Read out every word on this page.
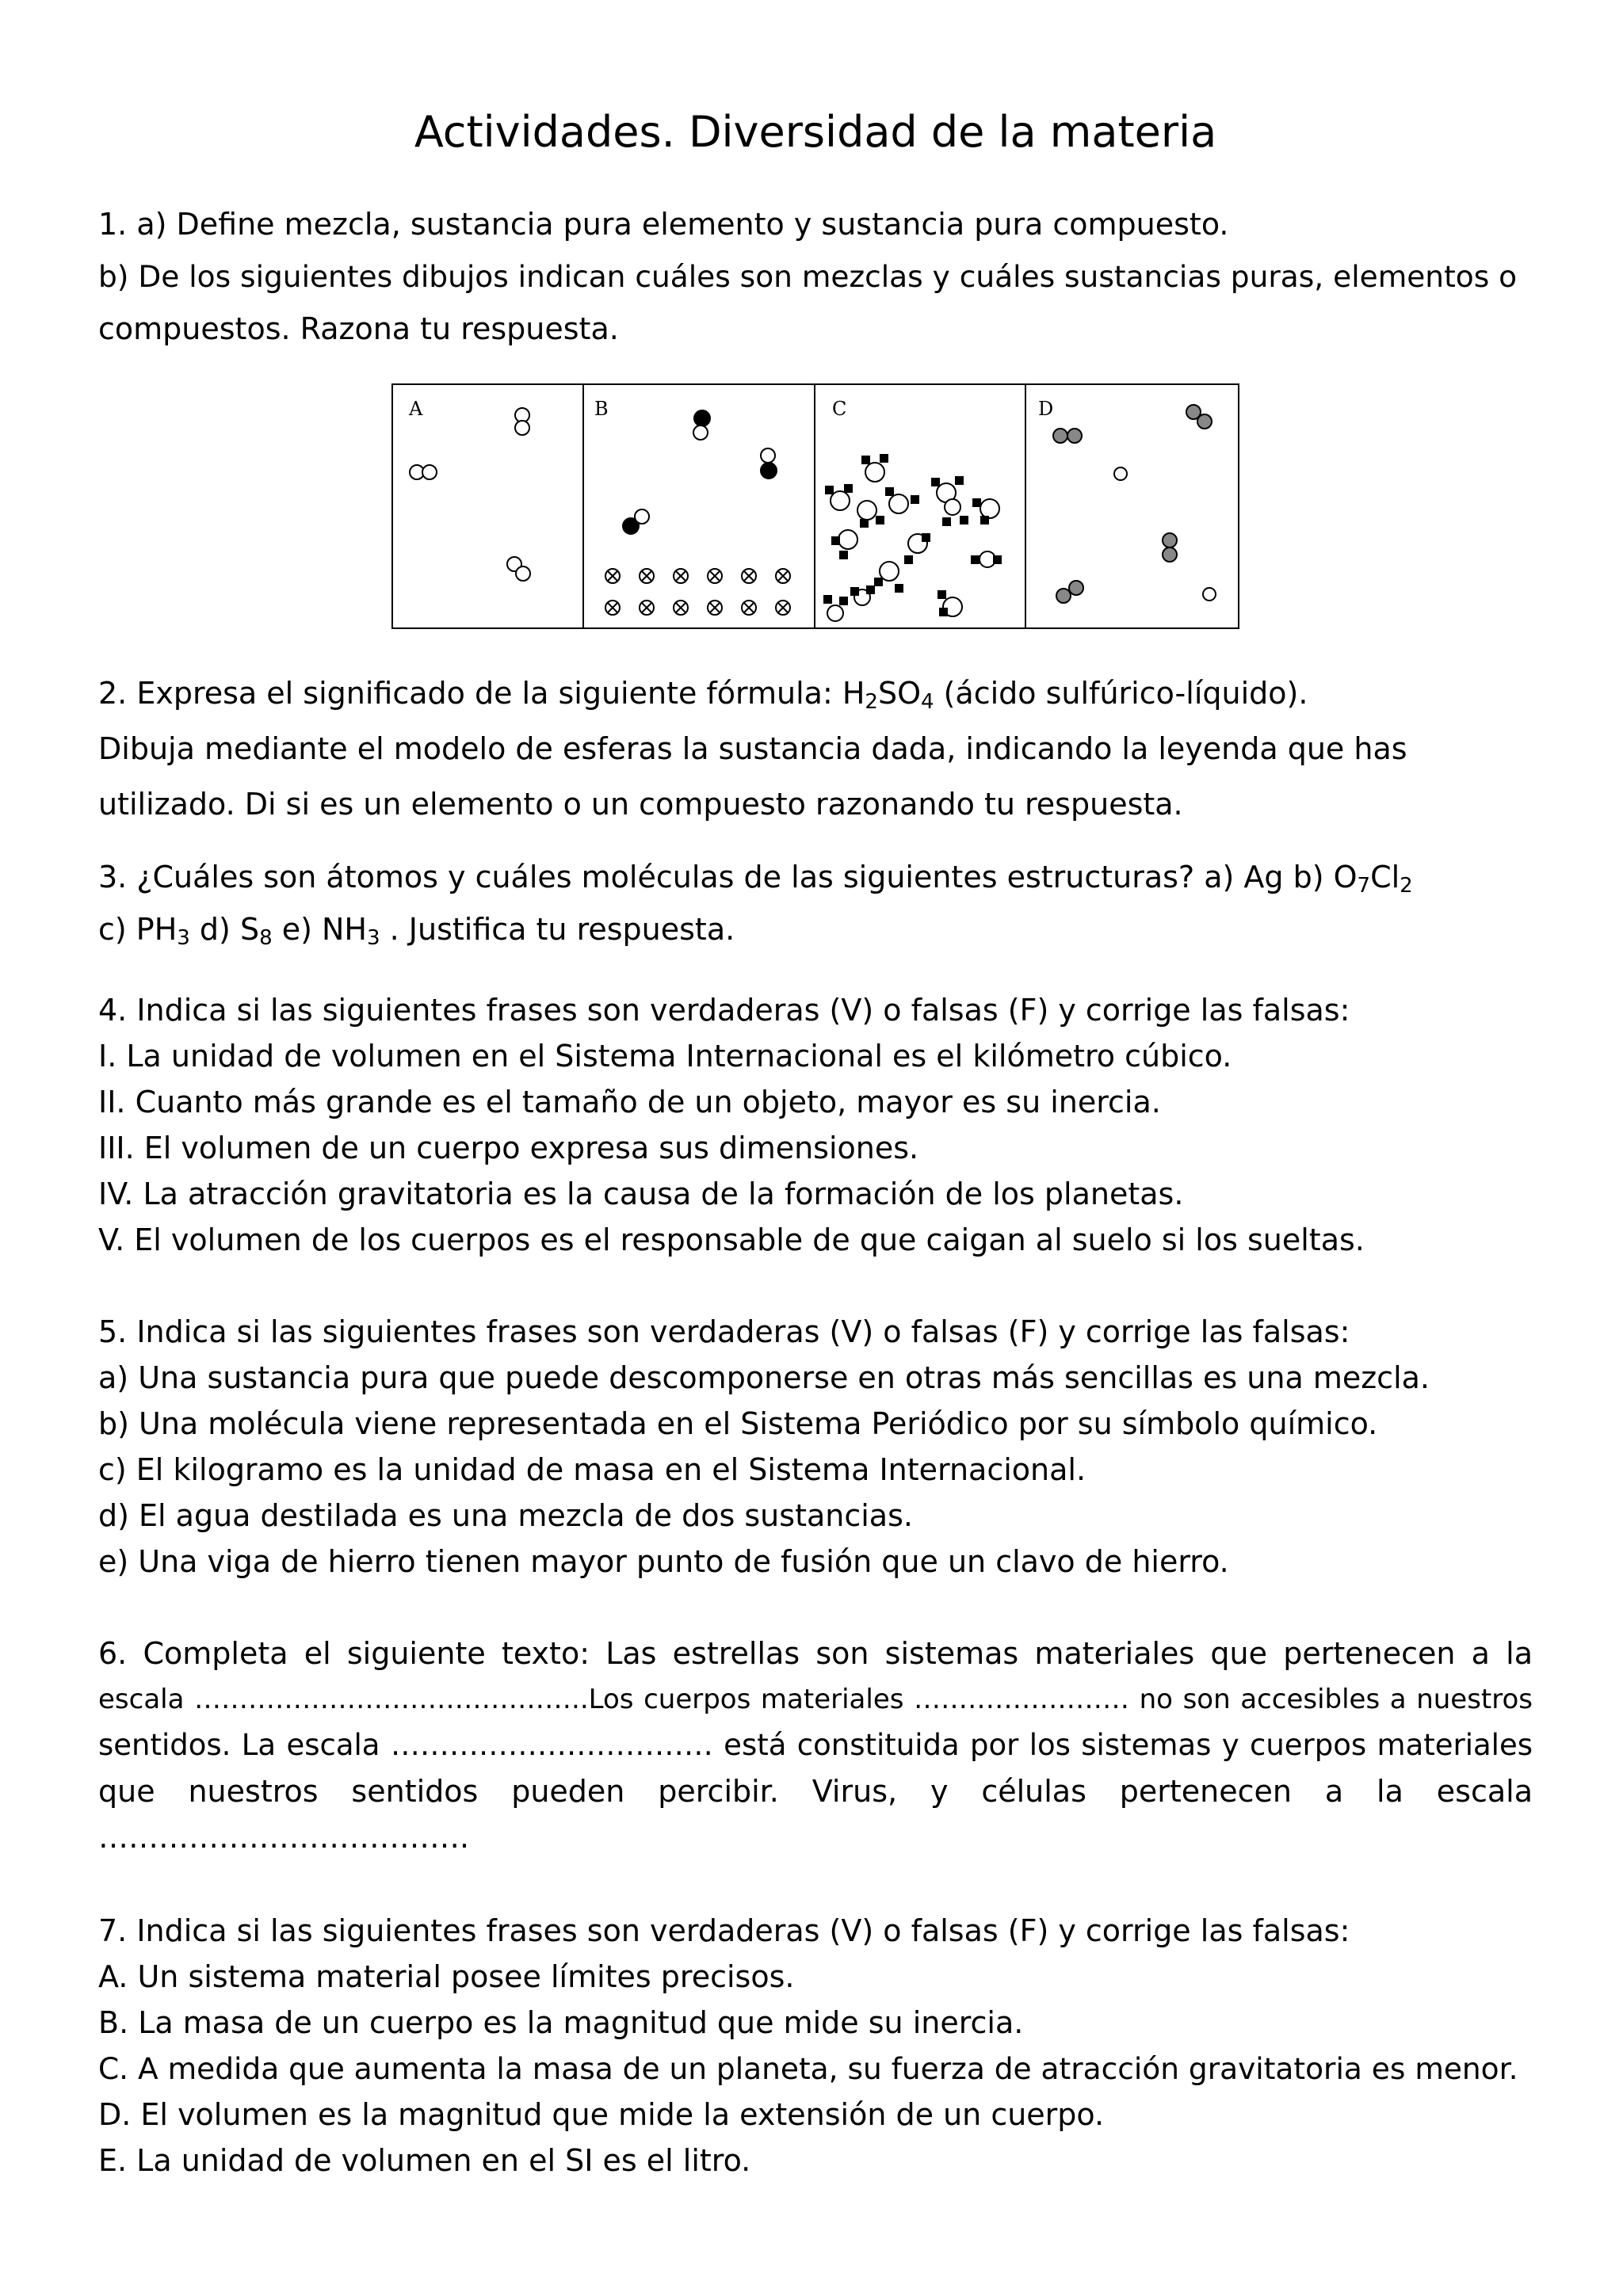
Actividades. Diversidad de la materia
1. a) Define mezcla, sustancia pura elemento y sustancia pura compuesto.
b) De los siguientes dibujos indican cuáles son mezclas y cuáles sustancias puras, elementos o
compuestos. Razona tu respuesta.
A	B	C	D
2. Expresa el significado de la siguiente fórmula: $H_2SO_4$ (ácido sulfúrico-líquido).
Dibuja mediante el modelo de esferas la sustancia dada, indicando la leyenda que has
utilizado. Di si es un elemento o un compuesto razonando tu respuesta.
3. ¿Cuáles son átomos y cuáles moléculas de las siguientes estructuras? a) Ag b) $O_7Cl_2$
c) $PH_3$ d) $S_8$ e) $NH_3$ . Justifica tu respuesta.
4. Indica si las siguientes frases son verdaderas (V) o falsas (F) y corrige las falsas:
I. La unidad de volumen en el Sistema Internacional es el kilómetro cúbico.
II. Cuanto más grande es el tamaño de un objeto, mayor es su inercia.
III. El volumen de un cuerpo expresa sus dimensiones.
IV. La atracción gravitatoria es la causa de la formación de los planetas.
V. El volumen de los cuerpos es el responsable de que caigan al suelo si los sueltas.
5. Indica si las siguientes frases son verdaderas (V) o falsas (F) y corrige las falsas:
a) Una sustancia pura que puede descomponerse en otras más sencillas es una mezcla.
b) Una molécula viene representada en el Sistema Periódico por su símbolo químico.
c) El kilogramo es la unidad de masa en el Sistema Internacional.
d) El agua destilada es una mezcla de dos sustancias.
e) Una viga de hierro tienen mayor punto de fusión que un clavo de hierro.
6. Completa el siguiente texto: Las estrellas son sistemas materiales que pertenecen a la
escala ……………………………………..Los cuerpos materiales …………………… no son accesibles a nuestros
sentidos. La escala …………………………… está constituida por los sistemas y cuerpos materiales
que nuestros sentidos pueden percibir. Virus, y células pertenecen a la escala
……………………………….
7. Indica si las siguientes frases son verdaderas (V) o falsas (F) y corrige las falsas:
A. Un sistema material posee límites precisos.
B. La masa de un cuerpo es la magnitud que mide su inercia.
C. A medida que aumenta la masa de un planeta, su fuerza de atracción gravitatoria es menor.
D. El volumen es la magnitud que mide la extensión de un cuerpo.
E. La unidad de volumen en el SI es el litro.
